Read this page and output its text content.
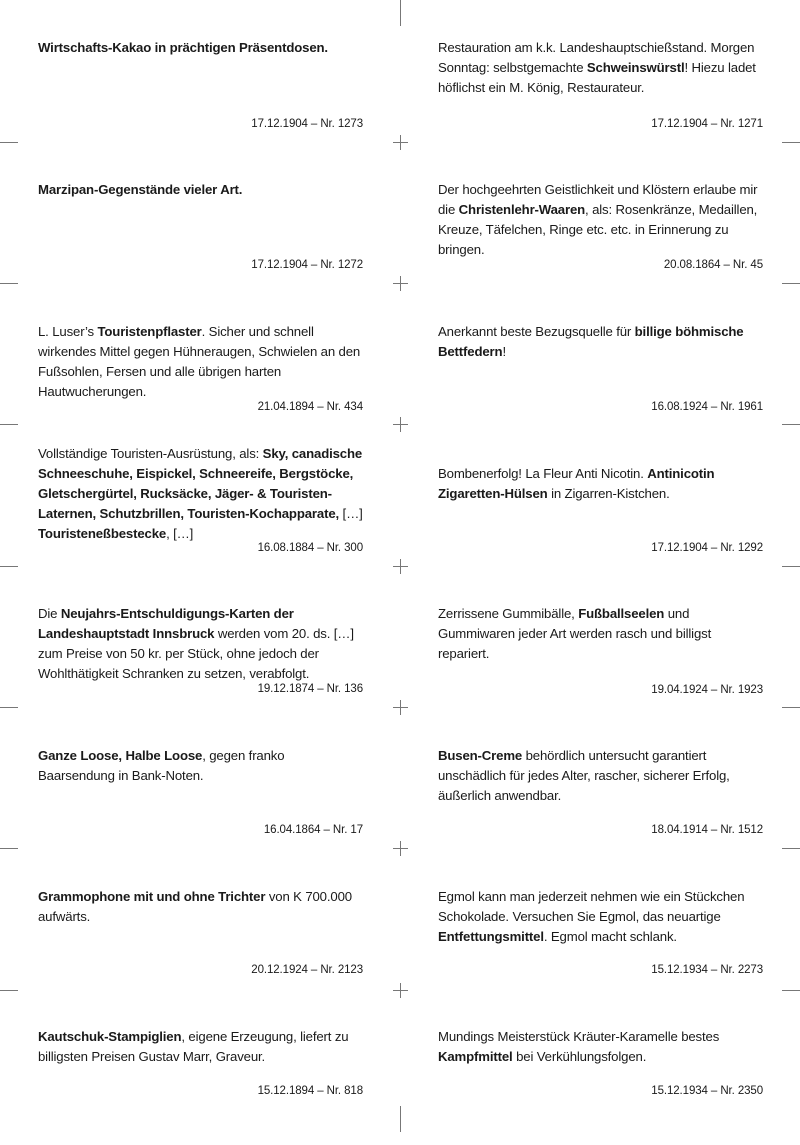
Wirtschafts-Kakao in prächtigen Präsentdosen.
17.12.1904 – Nr. 1273
Restauration am k.k. Landeshauptschießstand. Morgen Sonntag: selbstgemachte Schweinswürstl! Hiezu ladet höflichst ein M. König, Restaurateur.
17.12.1904 – Nr. 1271
Marzipan-Gegenstände vieler Art.
17.12.1904 – Nr. 1272
Der hochgeehrten Geistlichkeit und Klöstern erlaube mir die Christenlehr-Waaren, als: Rosenkränze, Medaillen, Kreuze, Täfelchen, Ringe etc. etc. in Erinnerung zu bringen.
20.08.1864 – Nr. 45
L. Luser’s Touristenpflaster. Sicher und schnell wirkendes Mittel gegen Hühneraugen, Schwielen an den Fußsohlen, Fersen und alle übrigen harten Hautwucherungen.
21.04.1894 – Nr. 434
Anerkannt beste Bezugsquelle für billige böhmische Bettfedern!
16.08.1924 – Nr. 1961
Vollständige Touristen-Ausrüstung, als: Sky, canadische Schneeschuhe, Eispickel, Schneereife, Bergstöcke, Gletschergürtel, Rucksäcke, Jäger- & Touristen-Laternen, Schutzbrillen, Touristen-Kochapparate, […] Touristeneßbestecke, […]
16.08.1884 – Nr. 300
Bombenerfolg! La Fleur Anti Nicotin. Antinicotin Zigaretten-Hülsen in Zigarren-Kistchen.
17.12.1904 – Nr. 1292
Die Neujahrs-Entschuldigungs-Karten der Landeshauptstadt Innsbruck werden vom 20. ds. […] zum Preise von 50 kr. per Stück, ohne jedoch der Wohlthätigkeit Schranken zu setzen, verabfolgt.
19.12.1874 – Nr. 136
Zerrissene Gummibälle, Fußballseelen und Gummiwaren jeder Art werden rasch und billigst repariert.
19.04.1924 – Nr. 1923
Ganze Loose, Halbe Loose, gegen franko Baarsendung in Bank-Noten.
16.04.1864 – Nr. 17
Busen-Creme behördlich untersucht garantiert unschädlich für jedes Alter, rascher, sicherer Erfolg, äußerlich anwendbar.
18.04.1914 – Nr. 1512
Grammophone mit und ohne Trichter von K 700.000 aufwärts.
20.12.1924 – Nr. 2123
Egmol kann man jederzeit nehmen wie ein Stückchen Schokolade. Versuchen Sie Egmol, das neuartige Entfettungsmittel. Egmol macht schlank.
15.12.1934 – Nr. 2273
Kautschuk-Stampiglien, eigene Erzeugung, liefert zu billigsten Preisen Gustav Marr, Graveur.
15.12.1894 – Nr. 818
Mundings Meisterstück Kräuter-Karamelle bestes Kampfmittel bei Verkühlungsfolgen.
15.12.1934 – Nr. 2350
